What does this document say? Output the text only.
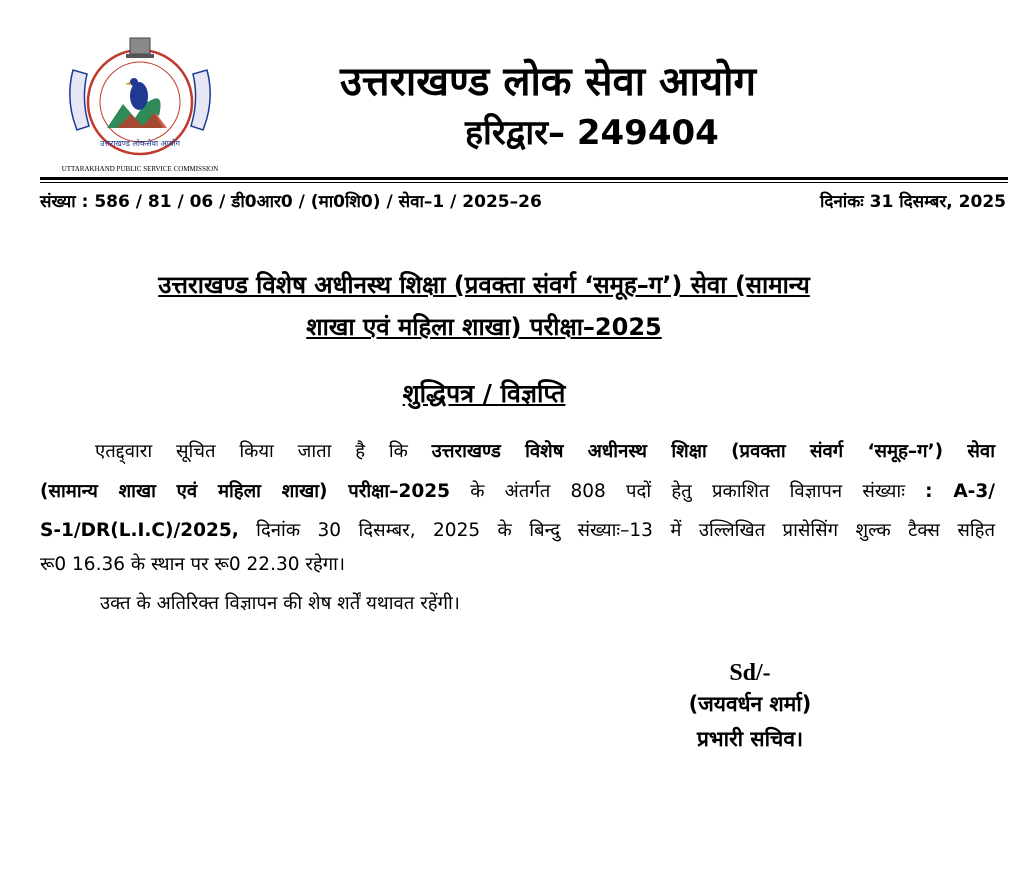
उत्तराखण्ड लोकसेवा आयोग
UTTARAKHAND PUBLIC SERVICE COMMISSION
उत्तराखण्ड लोक सेवा आयोग
हरिद्वार– 249404
संख्या : 586 / 81 / 06 / डी0आर0 / (मा0शि0) / सेवा–1 / 2025–26	दिनांकः 31 दिसम्बर, 2025
उत्तराखण्ड विशेष अधीनस्थ शिक्षा (प्रवक्ता संवर्ग ‘समूह–ग’) सेवा (सामान्य
शाखा एवं महिला शाखा) परीक्षा–2025
शुद्धिपत्र / विज्ञप्ति
एतद्द्वारा सूचित किया जाता है कि उत्तराखण्ड विशेष अधीनस्थ शिक्षा (प्रवक्ता संवर्ग ‘समूह–ग’) सेवा
(सामान्य शाखा एवं महिला शाखा) परीक्षा–2025 के अंतर्गत 808 पदों हेतु प्रकाशित विज्ञापन संख्याः : A-3/
S-1/DR(L.I.C)/2025, दिनांक 30 दिसम्बर, 2025 के बिन्दु संख्याः–13 में उल्लिखित प्रासेसिंग शुल्क टैक्स सहित
रू0 16.36 के स्थान पर रू0 22.30 रहेगा।
उक्त के अतिरिक्त विज्ञापन की शेष शर्तें यथावत रहेंगी।
Sd/-
(जयवर्धन शर्मा)
प्रभारी सचिव।
